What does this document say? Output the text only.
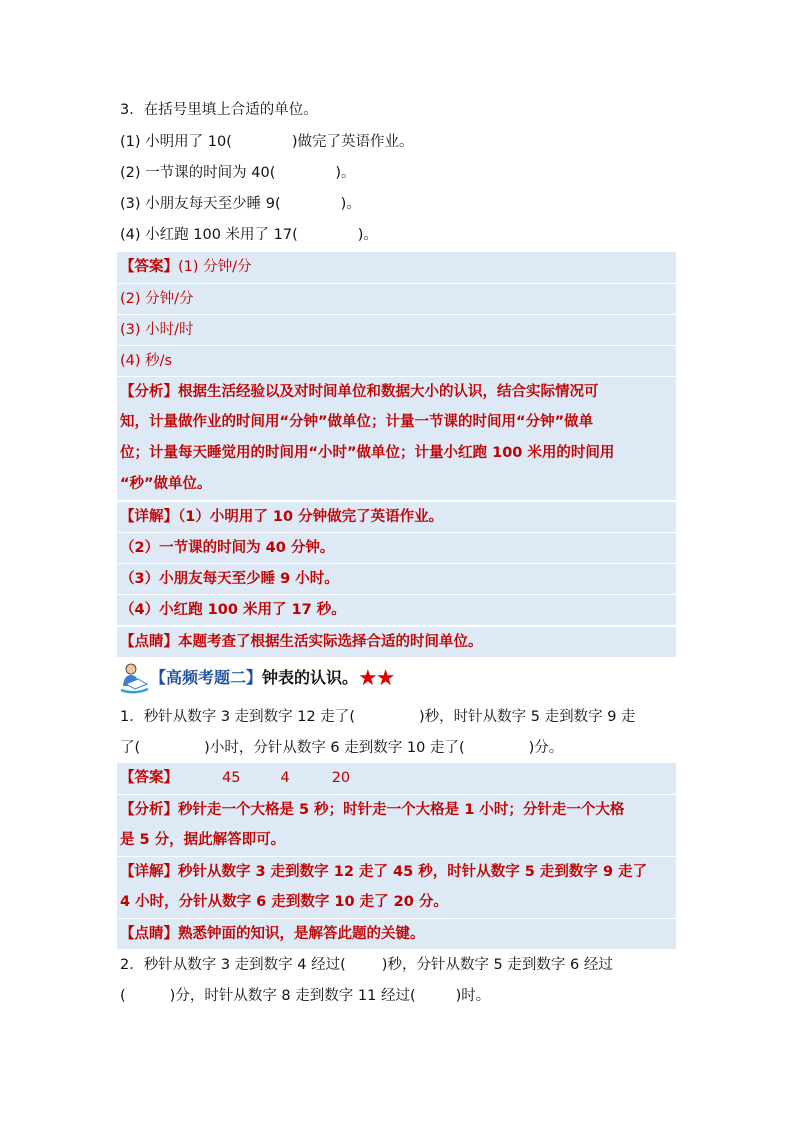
3．在括号里填上合适的单位。
(1) 小明用了 10(	)做完了英语作业。
(2) 一节课的时间为 40(	)。
(3) 小朋友每天至少睡 9(	)。
(4) 小红跑 100 米用了 17(	)。
【答案】(1) 分钟/分
(2) 分钟/分
(3) 小时/时
(4) 秒/s
【分析】根据生活经验以及对时间单位和数据大小的认识，结合实际情况可
知，计量做作业的时间用“分钟”做单位；计量一节课的时间用“分钟”做单
位；计量每天睡觉用的时间用“小时”做单位；计量小红跑 100 米用的时间用
“秒”做单位。
【详解】（1）小明用了 10 分钟做完了英语作业。
（2）一节课的时间为 40 分钟。
（3）小朋友每天至少睡 9 小时。
（4）小红跑 100 米用了 17 秒。
【点睛】本题考查了根据生活实际选择合适的时间单位。
【高频考题二】钟表的认识。★★
1．秒针从数字 3 走到数字 12 走了(	)秒，时针从数字 5 走到数字 9 走
了(	)小时，分针从数字 6 走到数字 10 走了(	)分。
【答案】	45	4	20
【分析】秒针走一个大格是 5 秒；时针走一个大格是 1 小时；分针走一个大格
是 5 分，据此解答即可。
【详解】秒针从数字 3 走到数字 12 走了 45 秒，时针从数字 5 走到数字 9 走了
4 小时，分针从数字 6 走到数字 10 走了 20 分。
【点睛】熟悉钟面的知识，是解答此题的关键。
2．秒针从数字 3 走到数字 4 经过( )秒，分针从数字 5 走到数字 6 经过
(	)分，时针从数字 8 走到数字 11 经过(	)时。
